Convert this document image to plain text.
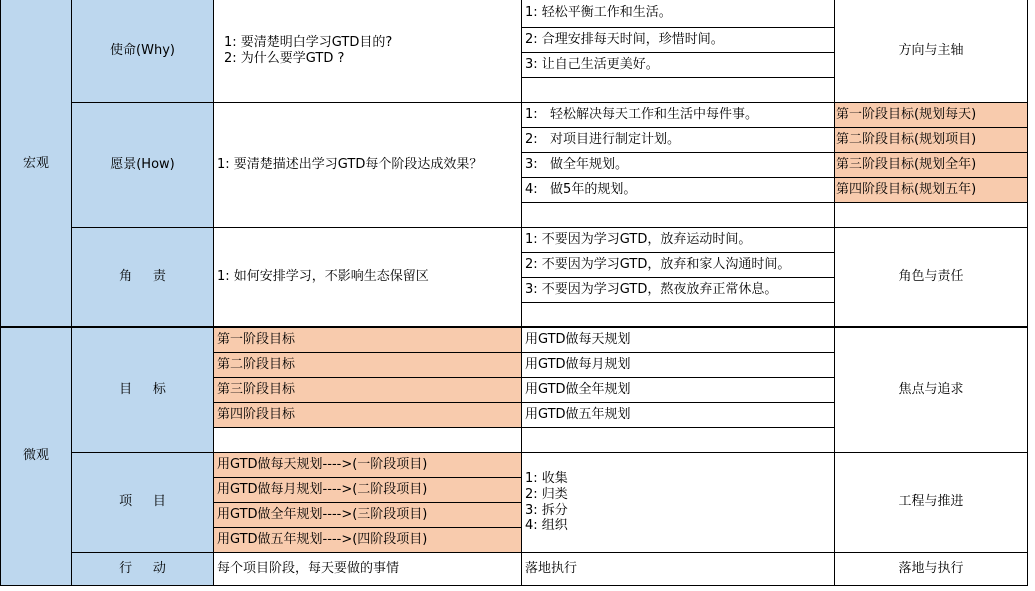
宏观
微观
使命(Why)
愿景(How)
角     责
目     标
项     目
行     动
1: 要清楚明白学习GTD目的?
2: 为什么要学GTD ?
1: 要清楚描述出学习GTD每个阶段达成效果？
1: 如何安排学习，不影响生态保留区
第一阶段目标
第二阶段目标
第三阶段目标
第四阶段目标
用GTD做每天规划---->(一阶段项目)
用GTD做每月规划---->(二阶段项目)
用GTD做全年规划---->(三阶段项目)
用GTD做五年规划---->(四阶段项目)
每个项目阶段，每天要做的事情
1: 轻松平衡工作和生活。
2: 合理安排每天时间，珍惜时间。
3: 让自己生活更美好。
1:   轻松解决每天工作和生活中每件事。
2:   对项目进行制定计划。
3:   做全年规划。
4:   做5年的规划。
1: 不要因为学习GTD，放弃运动时间。
2: 不要因为学习GTD，放弃和家人沟通时间。
3: 不要因为学习GTD，熬夜放弃正常休息。
用GTD做每天规划
用GTD做每月规划
用GTD做全年规划
用GTD做五年规划
1: 收集
2: 归类
3: 拆分
4: 组织
落地执行
方向与主轴
第一阶段目标(规划每天)
第二阶段目标(规划项目)
第三阶段目标(规划全年)
第四阶段目标(规划五年)
角色与责任
焦点与追求
工程与推进
落地与执行
